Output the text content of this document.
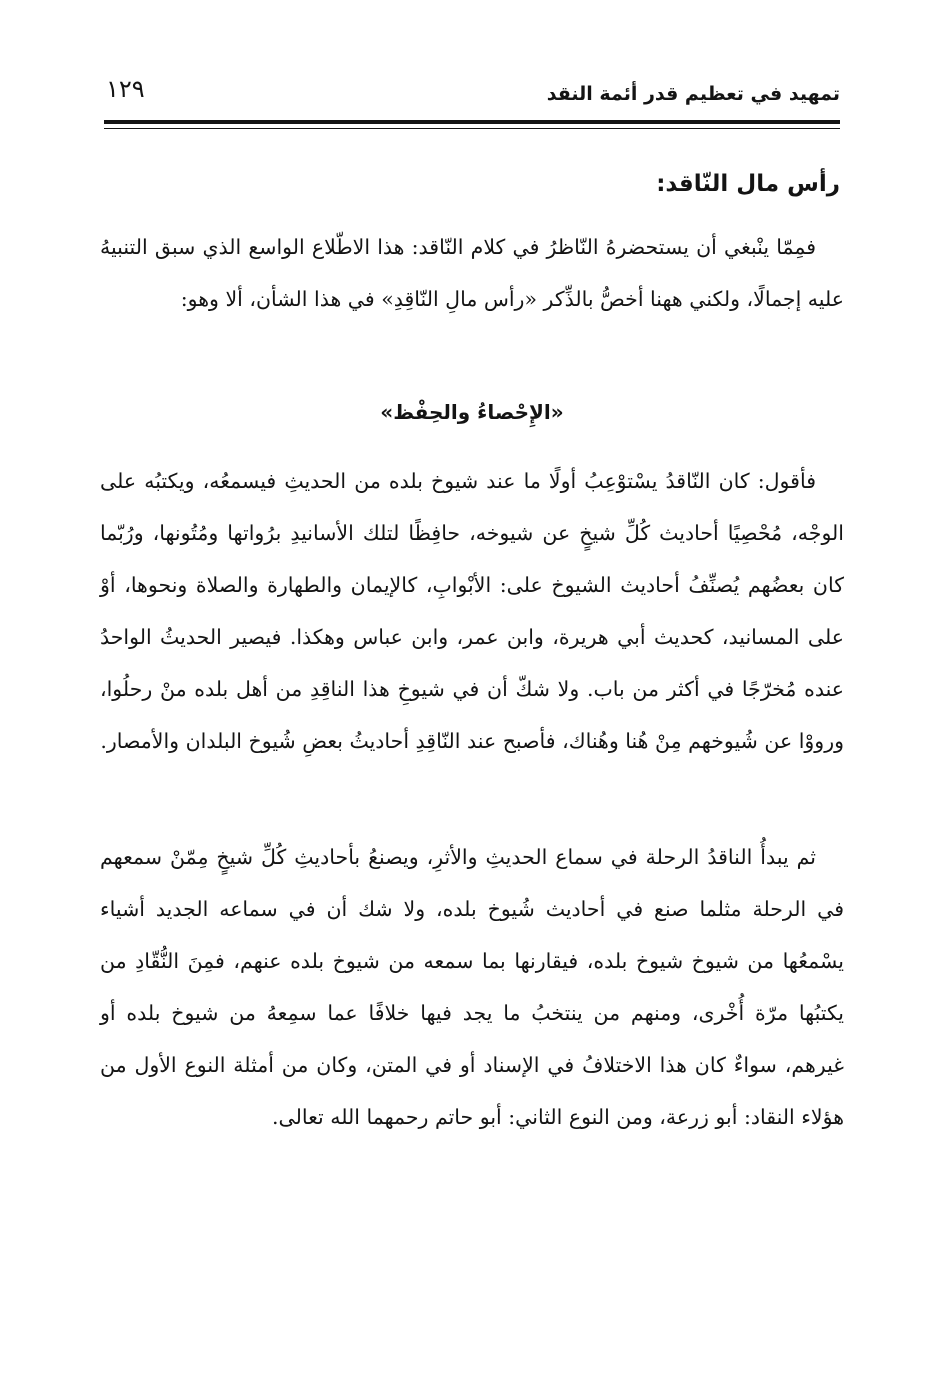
تمهيد في تعظيم قدر أئمة النقد
١٢٩
رأس مال النّاقد:

فمِمّا ينْبغي أن يستحضرهُ النّاظرُ في كلام النّاقد: هذا الاطّلاع الواسع الذي سبق التنبيهُ عليه إجمالًا، ولكني ههنا أخصُّ بالذِّكر «رأس مالِ النّاقِدِ» في هذا الشأن، ألا وهو:

«الإِحْصاءُ والحِفْظ»

فأقول: كان النّاقدُ يسْتوْعِبُ أولًا ما عند شيوخ بلده من الحديثِ فيسمعُه، ويكتبُه على الوجْه، مُحْصِيًا أحاديث كُلِّ شيخٍ عن شيوخه، حافِظًا لتلك الأسانيدِ برُواتها ومُتُونها، ورُبّما كان بعضُهم يُصنِّفُ أحاديث الشيوخ على: الأبْوابِ، كالإيمان والطهارة والصلاة ونحوها، أوْ على المسانيد، كحديث أبي هريرة، وابن عمر، وابن عباس وهكذا. فيصير الحديثُ الواحدُ عنده مُخرّجًا في أكثر من باب. ولا شكّ أن في شيوخِ هذا الناقِدِ من أهل بلده منْ رحلُوا، ورووْا عن شُيوخهم مِنْ هُنا وهُناك، فأصبح عند النّاقِدِ أحاديثُ بعضِ شُيوخ البلدان والأمصار.

ثم يبدأُ الناقدُ الرحلة في سماع الحديثِ والأثرِ، ويصنعُ بأحاديثِ كُلِّ شيخٍ مِمّنْ سمعهم في الرحلة مثلما صنع في أحاديث شُيوخ بلده، ولا شك أن في سماعه الجديد أشياء يسْمعُها من شيوخ شيوخ بلده، فيقارنها بما سمعه من شيوخ بلده عنهم، فمِنَ النُّقّادِ من يكتبُها مرّة أُخْرى، ومنهم من ينتخبُ ما يجد فيها خلافًا عما سمِعهُ من شيوخ بلده أو غيرهم، سواءٌ كان هذا الاختلافُ في الإسناد أو في المتن، وكان من أمثلة النوع الأول من هؤلاء النقاد: أبو زرعة، ومن النوع الثاني: أبو حاتم رحمهما الله تعالى.
